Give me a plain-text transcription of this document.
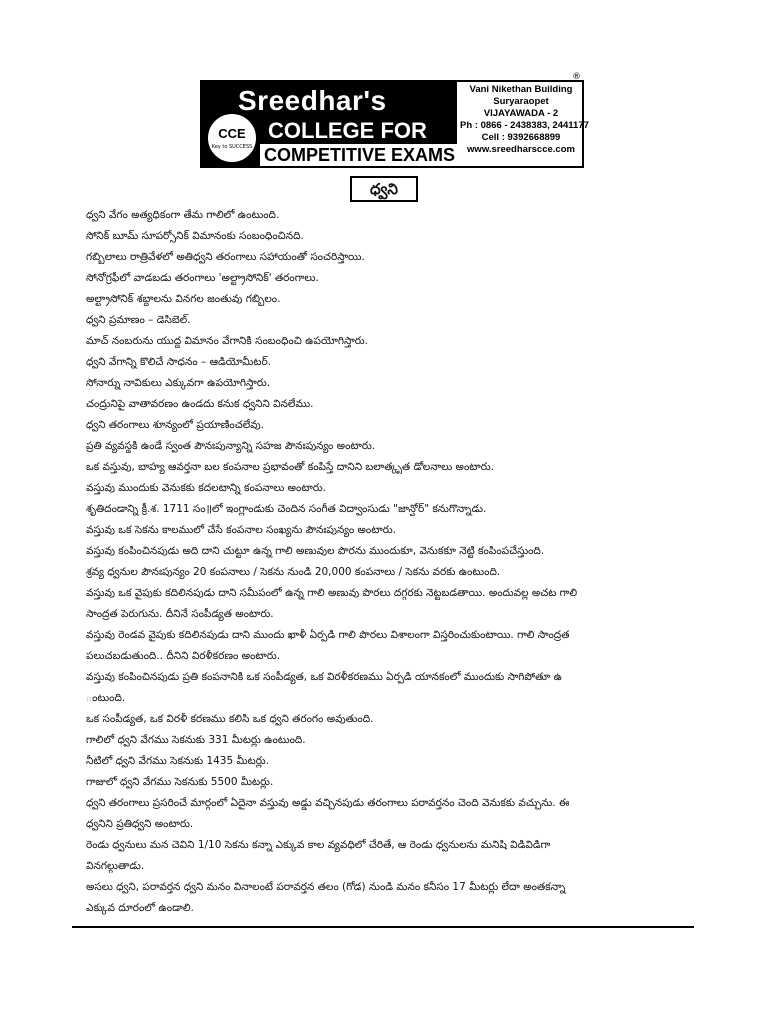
Sreedhar's
COLLEGE FOR
COMPETITIVE EXAMS
CCE
Key to SUCCESS
Vani Nikethan Building
Suryaraopet
VIJAYAWADA - 2
Ph : 0866 - 2438383, 2441177
Cell : 9392668899
www.sreedharscce.com
®
ధ్వని
ధ్వని వేగం అత్యధికంగా తేమ గాలిలో ఉంటుంది.
సోనిక్ బూమ్ సూపర్సోనిక్ విమానంకు సంబంధించినది.
గబ్బిలాలు రాత్రివేళలో అతిధ్వని తరంగాలు సహాయంతో సంచరిస్తాయి.
సోనోగ్రఫీలో వాడబడు తరంగాలు 'అల్ట్రాసోనిక్' తరంగాలు.
అల్ట్రాసోనిక్ శబ్దాలను వినగల జంతువు గబ్బిలం.
ధ్వని ప్రమాణం – డెసిబెల్.
మాచ్ నంబరును యుద్ధ విమానం వేగానికి సంబంధించి ఉపయోగిస్తారు.
ధ్వని వేగాన్ని కొలిచే సాధనం – ఆడియోమీటర్.
సోనార్ను నావికులు ఎక్కువగా ఉపయోగిస్తారు.
చంద్రునిపై వాతావరణం ఉండదు కనుక ధ్వనిని వినలేము.
ధ్వని తరంగాలు శూన్యంలో ప్రయాణించలేవు.
ప్రతి వ్యవస్థకి ఉండే స్వంత పౌనఃపున్యాన్ని సహజ పౌనఃపున్యం అంటారు.
ఒక వస్తువు, బాహ్య ఆవర్తనా బల కంపనాల ప్రభావంతో కంపిస్తే దానిని బలాత్కృత డోలనాలు అంటారు.
వస్తువు ముందుకు వెనుకకు కదలటాన్ని కంపనాలు అంటారు.
శృతిదండాన్ని క్రీ.శ. 1711 సం॥లో ఇంగ్లాండుకు చెందిన సంగీత విద్వాంసుడు "జాన్షోర్" కనుగొన్నాడు.
వస్తువు ఒక సెకను కాలములో చేసే కంపనాల సంఖ్యను పౌనఃపున్యం అంటారు.
వస్తువు కంపించినపుడు అది దాని చుట్టూ ఉన్న గాలి అణువుల పొరను ముందుకూ, వెనుకకూ నెట్టి కంపింపచేస్తుంది.
శ్రవ్య ధ్వనుల పౌనఃపున్యం 20 కంపనాలు / సెకను నుండి 20,000 కంపనాలు / సెకను వరకు ఉంటుంది.
వస్తువు ఒక వైపుకు కదిలినపుడు దాని సమీపంలో ఉన్న గాలి అణువు పొరలు దగ్గరకు నెట్టబడతాయి. అందువల్ల అచట గాలి
సాంద్రత పెరుగును. దీనినే సంపీడ్యత అంటారు.
వస్తువు రెండవ వైపుకు కదిలినపుడు దాని ముందు ఖాళీ ఏర్పడి గాలి పొరలు విశాలంగా విస్తరించుకుంటాయి. గాలి సాంద్రత
పలుచబడుతుంది.. దీనిని విరళీకరణం అంటారు.
వస్తువు కంపించినపుడు ప్రతి కంపనానికి ఒక సంపీడ్యత, ఒక విరళీకరణము ఏర్పడి యానకంలో ముందుకు సాగిపోతూ ఉ
ంటుంది.
ఒక సంపీడ్యత, ఒక విరళీ కరణము కలిసి ఒక ధ్వని తరంగం అవుతుంది.
గాలిలో ధ్వని వేగము సెకనుకు 331 మీటర్లు ఉంటుంది.
నీటిలో ధ్వని వేగము సెకనుకు 1435 మీటర్లు.
గాజులో ధ్వని వేగము సెకనుకు 5500 మీటర్లు.
ధ్వని తరంగాలు ప్రసరించే మార్గంలో ఏదైనా వస్తువు అడ్డు వచ్చినపుడు తరంగాలు పరావర్తనం చెంది వెనుకకు వచ్చును. ఈ
ధ్వనిని ప్రతిధ్వని అంటారు.
రెండు ధ్వనులు మన చెవిని 1/10 సెకను కన్నా ఎక్కువ కాల వ్యవధిలో చేరితే, ఆ రెండు ధ్వనులను మనిషి విడివిడిగా
వినగల్గుతాడు.
అసలు ధ్వని, పరావర్తన ధ్వని మనం వినాలంటే పరావర్తన తలం (గోడ) నుండి మనం కనీసం 17 మీటర్లు లేదా అంతకన్నా
ఎక్కువ దూరంలో ఉండాలి.
